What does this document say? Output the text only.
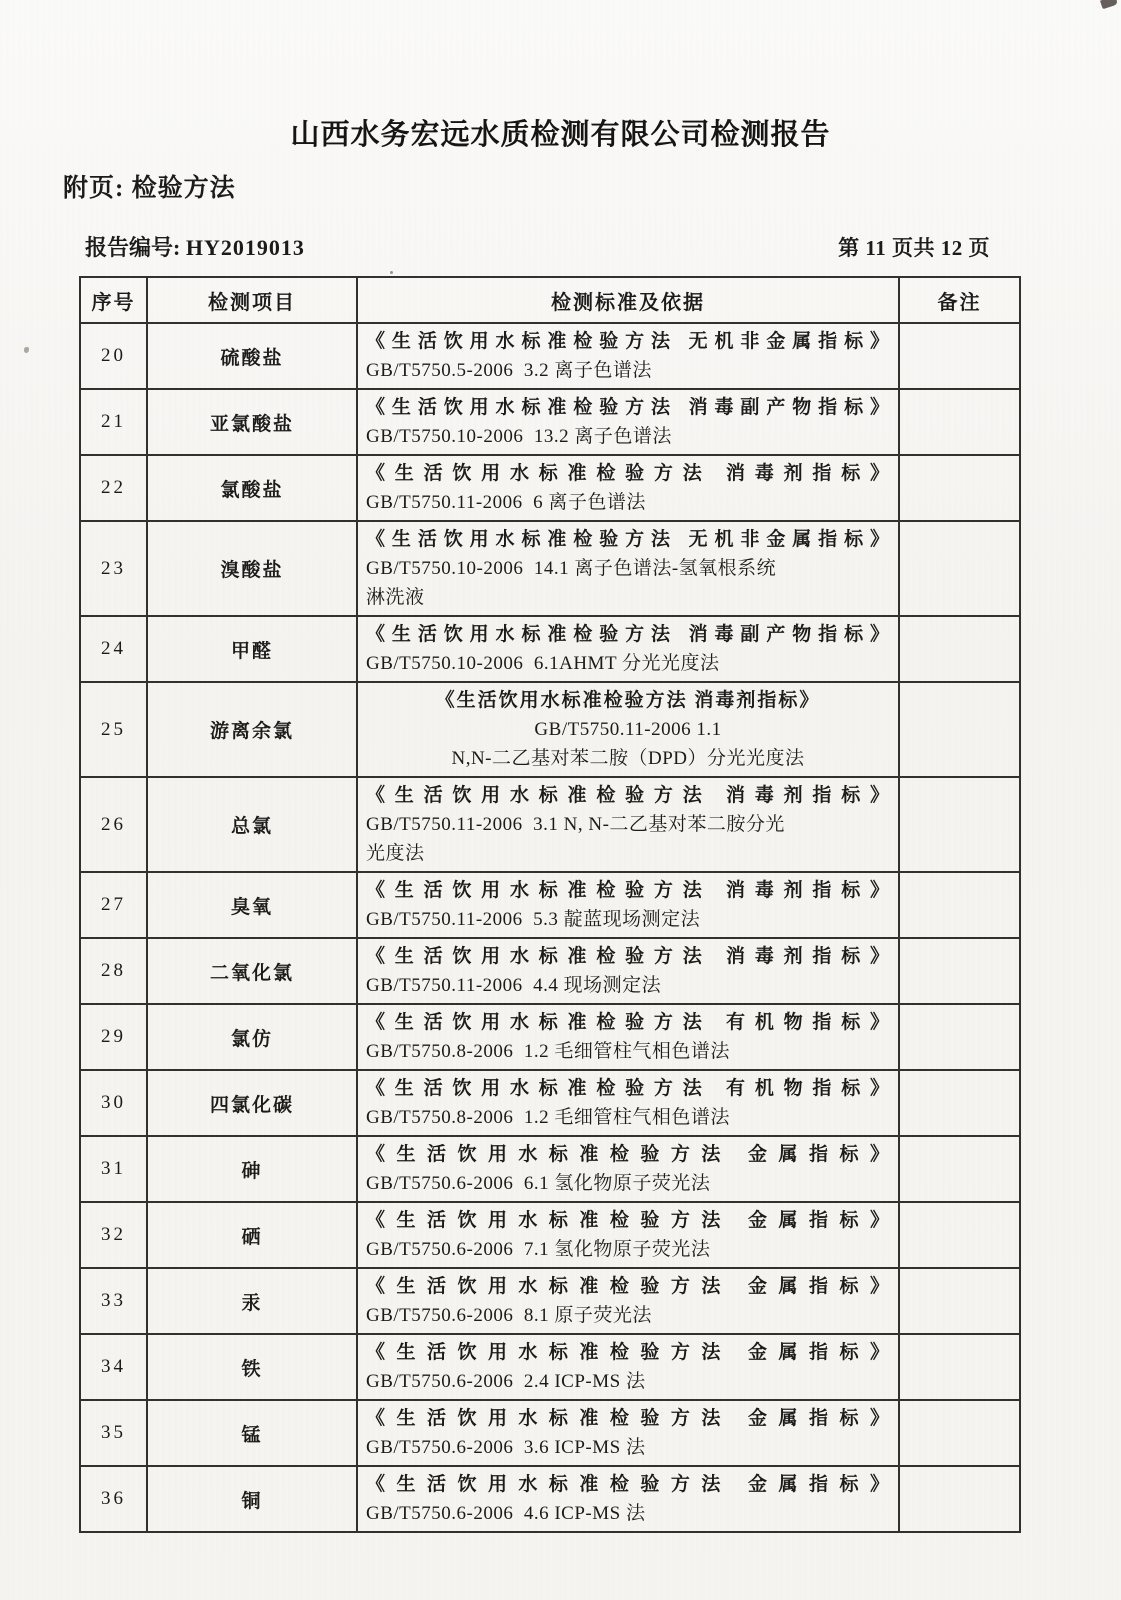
山西水务宏远水质检测有限公司检测报告
附页: 检验方法
报告编号: HY2019013	第 11 页共 12 页
序号	检测项目	检测标准及依据	备注
20	硫酸盐	《生活饮用水标准检验方法 无机非金属指标》
GB/T5750.5-2006  3.2 离子色谱法	

21	亚氯酸盐	《生活饮用水标准检验方法 消毒副产物指标》
GB/T5750.10-2006  13.2 离子色谱法	

22	氯酸盐	《生活饮用水标准检验方法 消毒剂指标》
GB/T5750.11-2006  6 离子色谱法	

23	溴酸盐	《生活饮用水标准检验方法 无机非金属指标》
GB/T5750.10-2006  14.1 离子色谱法-氢氧根系统
淋洗液	

24	甲醛	《生活饮用水标准检验方法 消毒副产物指标》
GB/T5750.10-2006  6.1AHMT 分光光度法	

25	游离余氯	《生活饮用水标准检验方法 消毒剂指标》
GB/T5750.11-2006 1.1
N,N-二乙基对苯二胺（DPD）分光光度法	

26	总氯	《生活饮用水标准检验方法 消毒剂指标》
GB/T5750.11-2006  3.1 N, N-二乙基对苯二胺分光
光度法	

27	臭氧	《生活饮用水标准检验方法 消毒剂指标》
GB/T5750.11-2006  5.3 靛蓝现场测定法	

28	二氧化氯	《生活饮用水标准检验方法 消毒剂指标》
GB/T5750.11-2006  4.4 现场测定法	

29	氯仿	《生活饮用水标准检验方法 有机物指标》
GB/T5750.8-2006  1.2 毛细管柱气相色谱法	

30	四氯化碳	《生活饮用水标准检验方法 有机物指标》
GB/T5750.8-2006  1.2 毛细管柱气相色谱法	

31	砷	《生活饮用水标准检验方法 金属指标》
GB/T5750.6-2006  6.1 氢化物原子荧光法	

32	硒	《生活饮用水标准检验方法 金属指标》
GB/T5750.6-2006  7.1 氢化物原子荧光法	

33	汞	《生活饮用水标准检验方法 金属指标》
GB/T5750.6-2006  8.1 原子荧光法	

34	铁	《生活饮用水标准检验方法 金属指标》
GB/T5750.6-2006  2.4 ICP-MS 法	

35	锰	《生活饮用水标准检验方法 金属指标》
GB/T5750.6-2006  3.6 ICP-MS 法	

36	铜	《生活饮用水标准检验方法 金属指标》
GB/T5750.6-2006  4.6 ICP-MS 法	
